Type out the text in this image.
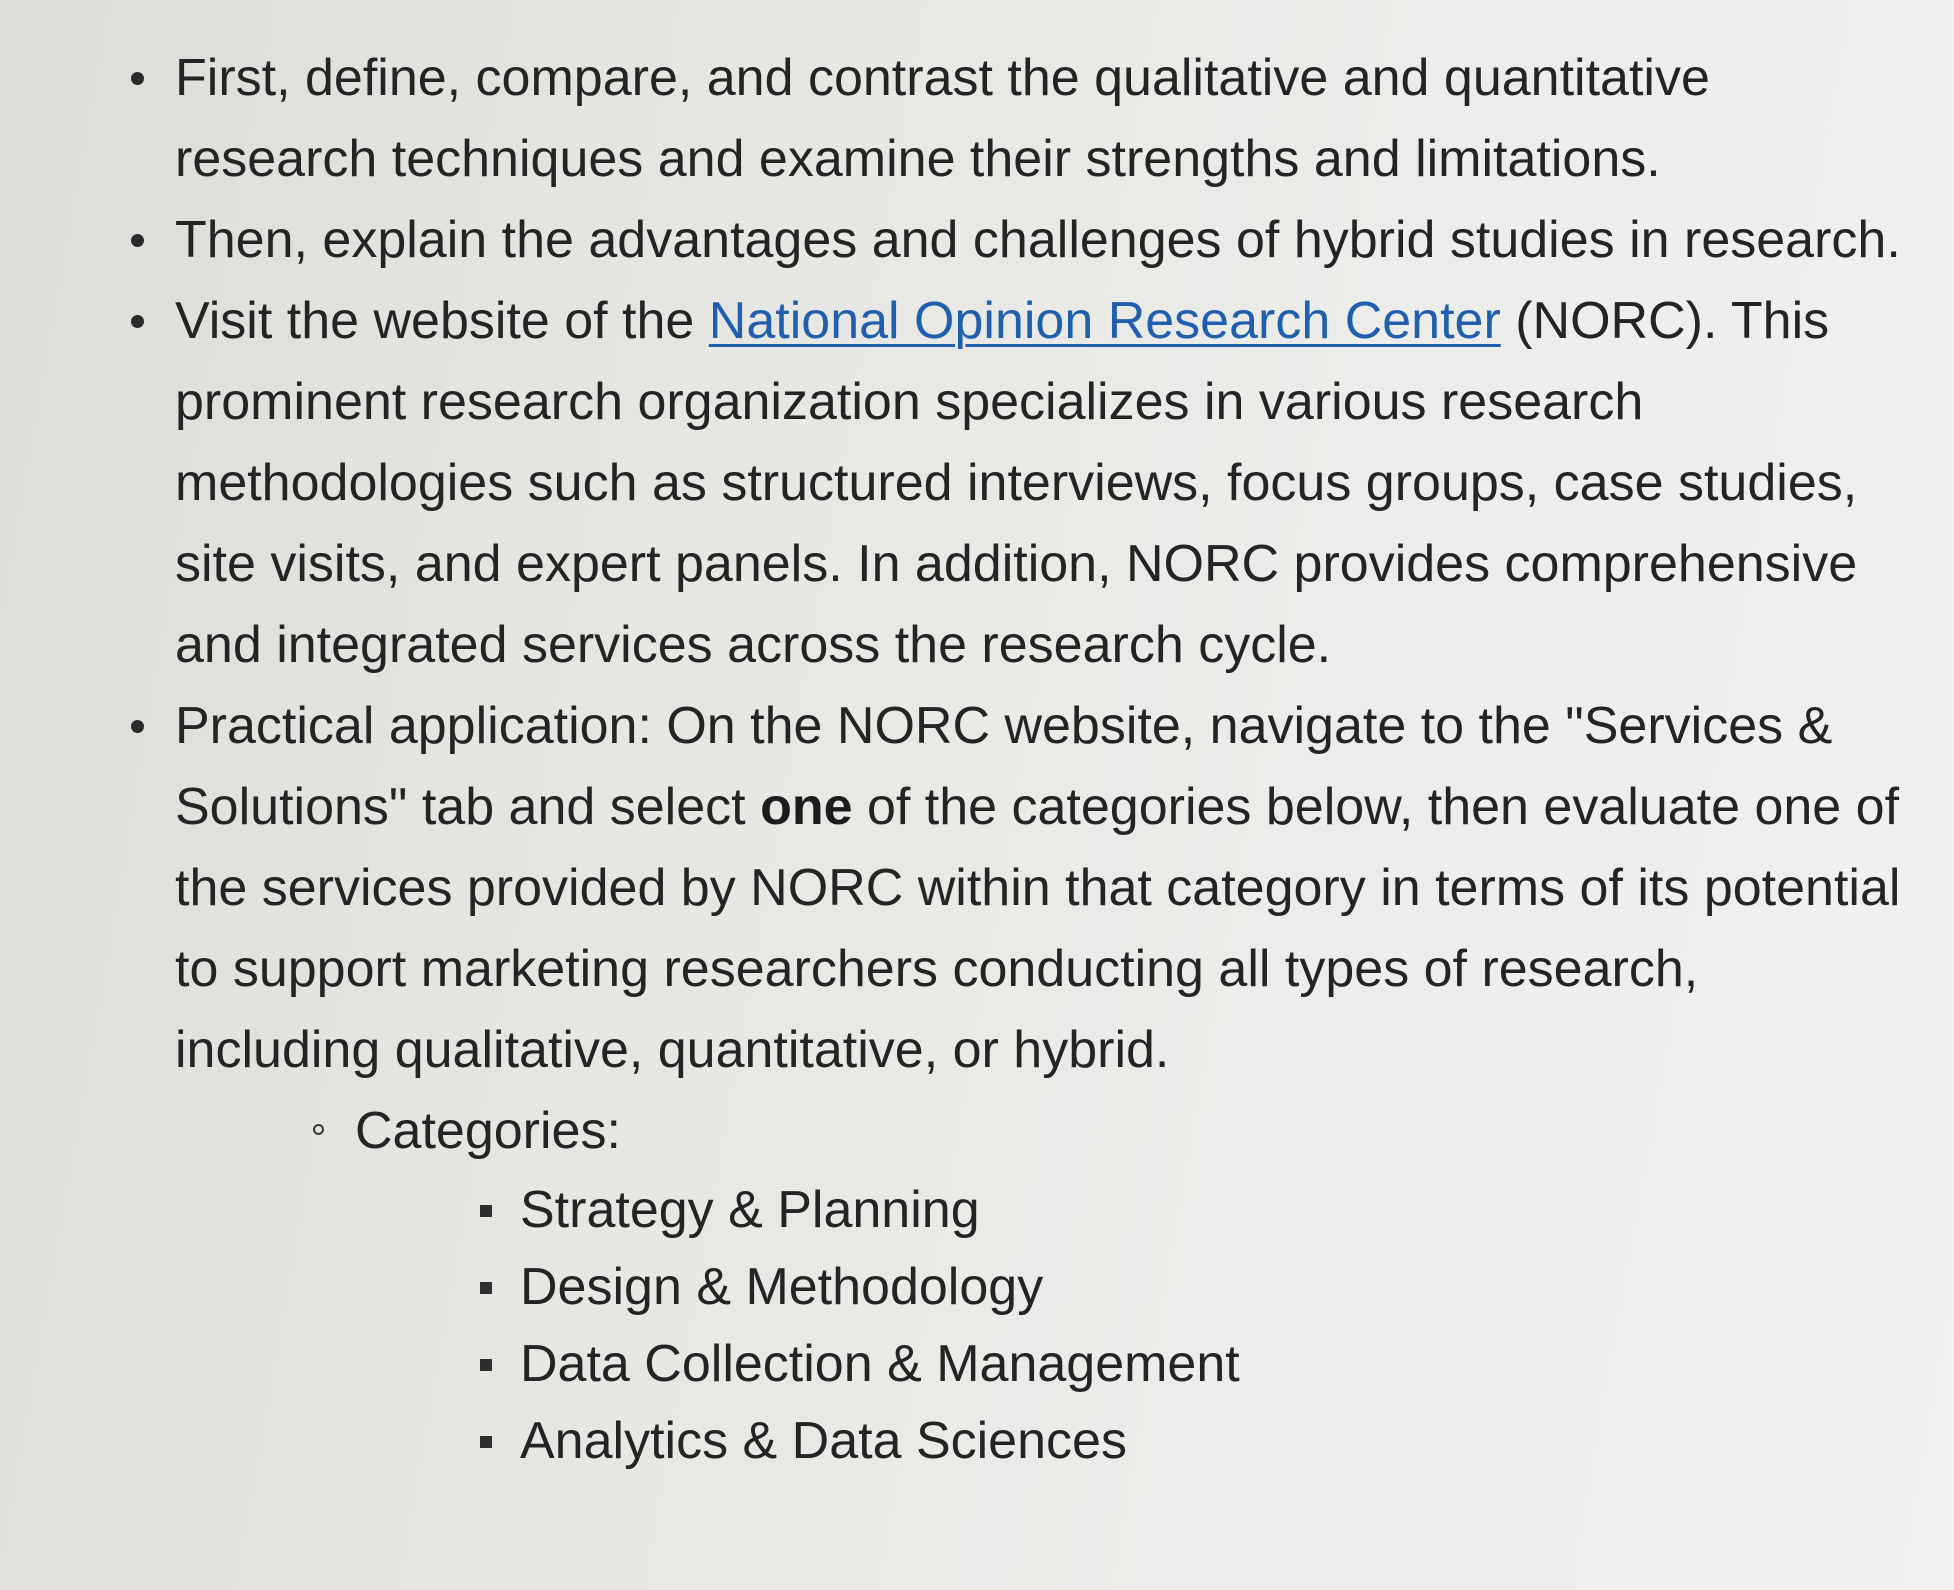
First, define, compare, and contrast the qualitative and quantitative research techniques and examine their strengths and limitations.
Then, explain the advantages and challenges of hybrid studies in research.
Visit the website of the National Opinion Research Center (NORC). This prominent research organization specializes in various research methodologies such as structured interviews, focus groups, case studies, site visits, and expert panels. In addition, NORC provides comprehensive and integrated services across the research cycle.
Practical application: On the NORC website, navigate to the "Services & Solutions" tab and select one of the categories below, then evaluate one of the services provided by NORC within that category in terms of its potential to support marketing researchers conducting all types of research, including qualitative, quantitative, or hybrid.
Categories:
Strategy & Planning
Design & Methodology
Data Collection & Management
Analytics & Data Sciences
